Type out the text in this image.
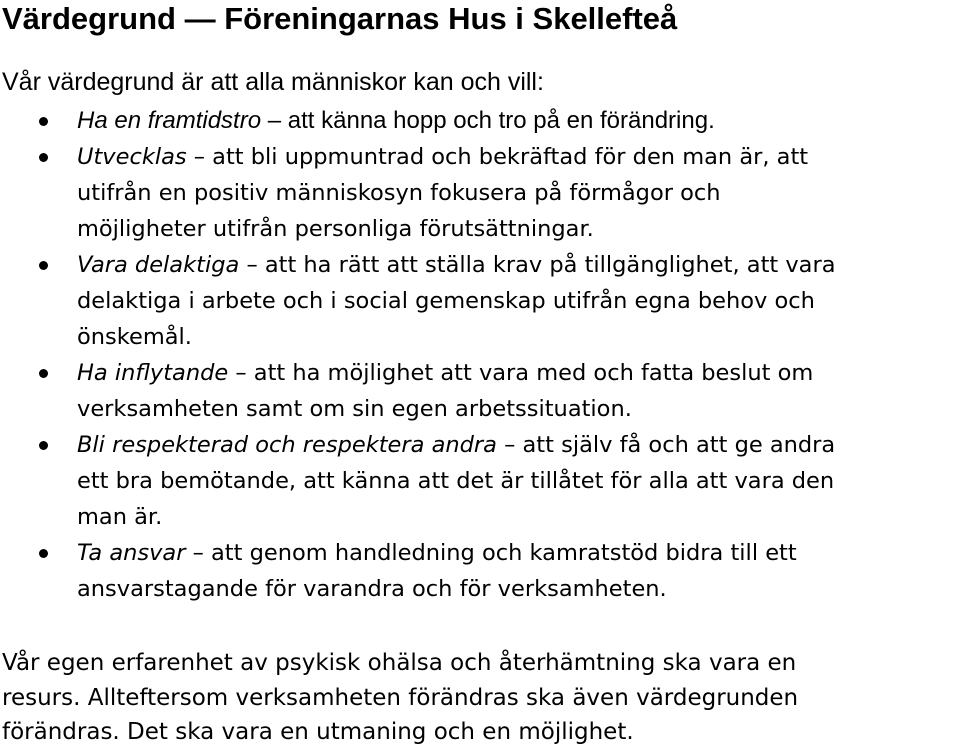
Värdegrund — Föreningarnas Hus i Skellefteå

Vår värdegrund är att alla människor kan och vill:

Ha en framtidstro – att känna hopp och tro på en förändring.
Utvecklas – att bli uppmuntrad och bekräftad för den man är, att
utifrån en positiv människosyn fokusera på förmågor och
möjligheter utifrån personliga förutsättningar.
Vara delaktiga – att ha rätt att ställa krav på tillgänglighet, att vara
delaktiga i arbete och i social gemenskap utifrån egna behov och
önskemål.
Ha inflytande – att ha möjlighet att vara med och fatta beslut om
verksamheten samt om sin egen arbetssituation.
Bli respekterad och respektera andra – att själv få och att ge andra
ett bra bemötande, att känna att det är tillåtet för alla att vara den
man är.
Ta ansvar – att genom handledning och kamratstöd bidra till ett
ansvarstagande för varandra och för verksamheten.

Vår egen erfarenhet av psykisk ohälsa och återhämtning ska vara en
resurs. Allteftersom verksamheten förändras ska även värdegrunden
förändras. Det ska vara en utmaning och en möjlighet.
